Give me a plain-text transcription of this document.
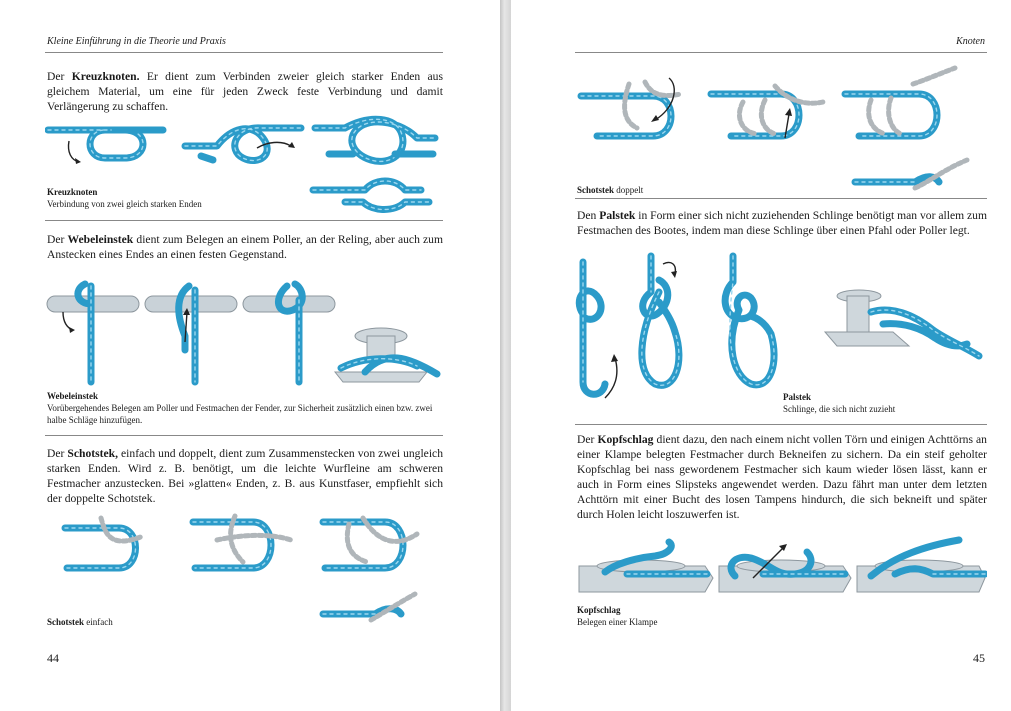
Kleine Einführung in die Theorie und Praxis

Der Kreuzknoten. Er dient zum Verbinden zweier gleich starker Enden aus gleichem Material, um eine für jeden Zweck feste Verbindung und damit Verlängerung zu schaffen.

Kreuzknoten
Verbindung von zwei gleich starken Enden

Der Webeleinstek dient zum Belegen an einem Poller, an der Reling, aber auch zum Anstecken eines Endes an einen festen Gegenstand.

Webeleinstek
Vorübergehendes Belegen am Poller und Festmachen der Fender, zur Sicherheit zusätzlich einen bzw. zwei halbe Schläge hinzufügen.

Der Schotstek, einfach und doppelt, dient zum Zusammenstecken von zwei ungleich starken Enden. Wird z. B. benötigt, um die leichte Wurfleine am schweren Festmacher anzustecken. Bei »glatten« Enden, z. B. aus Kunstfaser, empfiehlt sich der doppelte Schotstek.

Schotstek einfach
44
Knoten
Schotstek doppelt

Den Palstek in Form einer sich nicht zuziehenden Schlinge benötigt man vor allem zum Festmachen des Bootes, indem man diese Schlinge über einen Pfahl oder Poller legt.

Palstek
Schlinge, die sich nicht zuzieht

Der Kopfschlag dient dazu, den nach einem nicht vollen Törn und einigen Achttörns an einer Klampe belegten Festmacher durch Bekneifen zu sichern. Da ein steif geholter Kopfschlag bei nass gewordenem Festmacher sich kaum wieder lösen lässt, kann er auch in Form eines Slipsteks angewendet werden. Dazu fährt man unter dem letzten Achttörn mit einer Bucht des losen Tampens hindurch, die sich bekneift und später durch Holen leicht loszuwerfen ist.

Kopfschlag
Belegen einer Klampe
45
